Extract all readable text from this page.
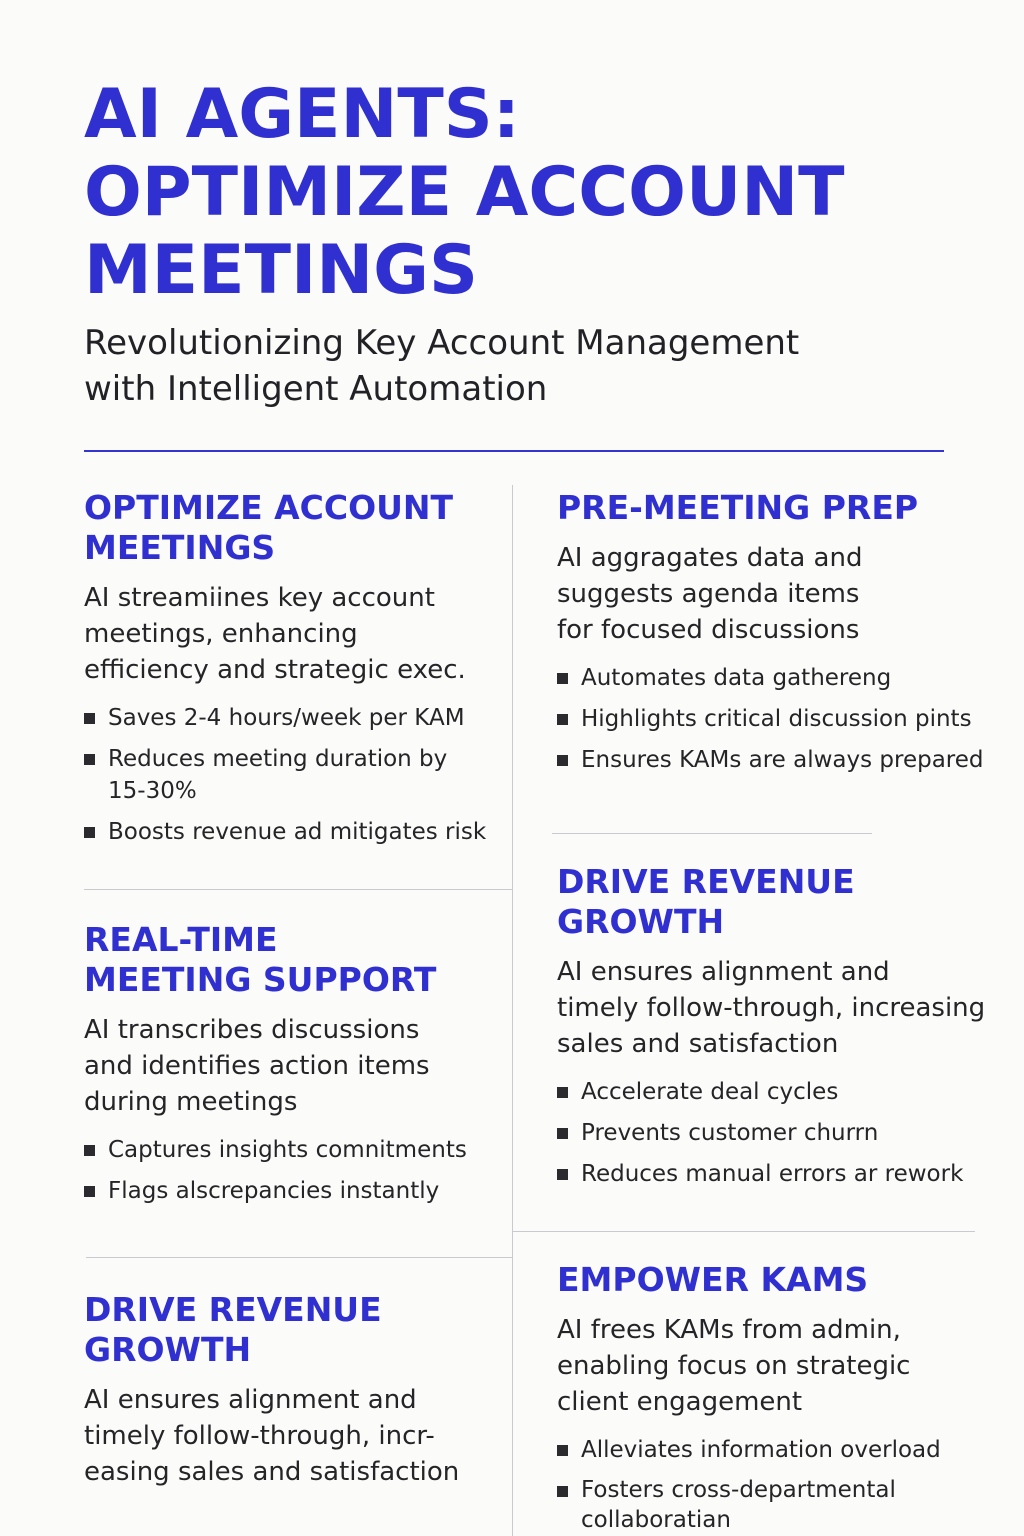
AI AGENTS:
OPTIMIZE ACCOUNT
MEETINGS
Revolutionizing Key Account Management
with Intelligent Automation
OPTIMIZE ACCOUNT
MEETINGS
AI streamiines key account
meetings, enhancing
efficiency and strategic exec.
Saves 2-4 hours/week per KAM
Reduces meeting duration by 15-30%
Boosts revenue ad mitigates risk
PRE-MEETING PREP
AI aggragates data and
suggests agenda items
for focused discussions
Automates data gathereng
Highlights critical discussion pints
Ensures KAMs are always prepared
REAL-TIME
MEETING SUPPORT
AI transcribes discussions
and identifies action items
during meetings
Captures insights comnitments
Flags alscrepancies instantly
DRIVE REVENUE
GROWTH
AI ensures alignment and
timely follow-through, increasing
sales and satisfaction
Accelerate deal cycles
Prevents customer churrn
Reduces manual errors ar rework
DRIVE REVENUE
GROWTH
AI ensures alignment and
timely follow-through, incr-
easing sales and satisfaction
EMPOWER KAMS
AI frees KAMs from admin,
enabling focus on strategic
client engagement
Alleviates information overload
Fosters cross-departmental collaboratian
